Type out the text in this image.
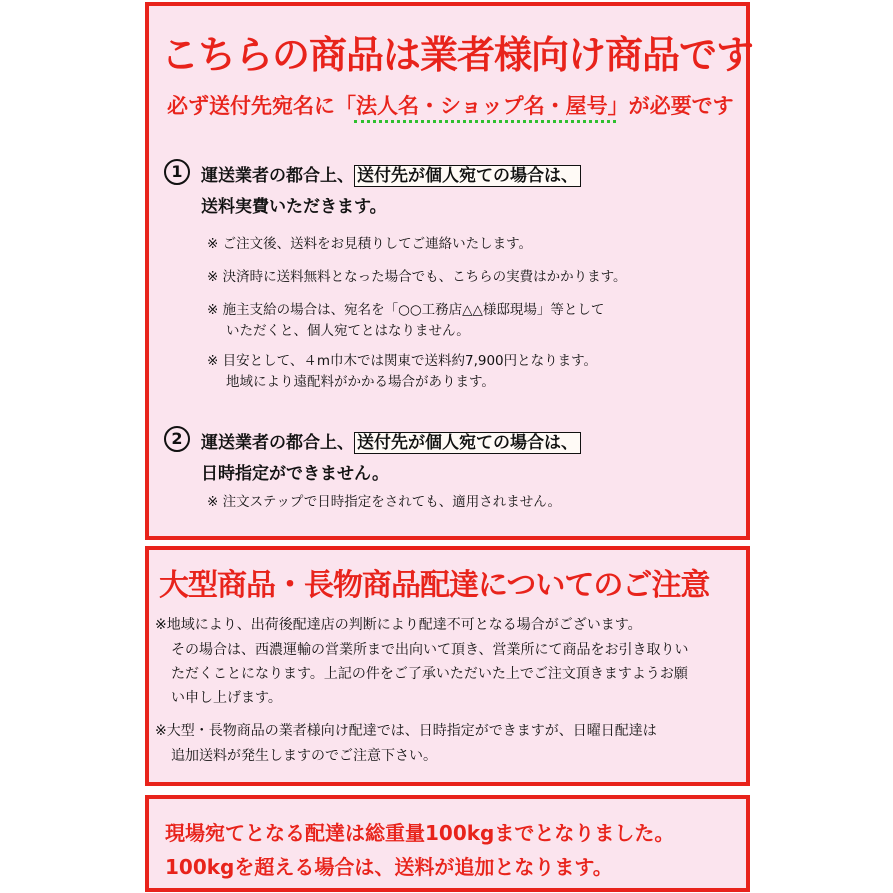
こちらの商品は業者様向け商品です
必ず送付先宛名に「法人名・ショップ名・屋号」が必要です
1	運送業者の都合上、 送付先が個人宛ての場合は、
送料実費いただきます。
※ ご注文後、送料をお見積りしてご連絡いたします。
※ 決済時に送料無料となった場合でも、こちらの実費はかかります。
※ 施主支給の場合は、宛名を「○○工務店△△様邸現場」等として
いただくと、個人宛てとはなりません。
※ 目安として、４m巾木では関東で送料約7,900円となります。
地域により遠配料がかかる場合があります。
2	運送業者の都合上、 送付先が個人宛ての場合は、
日時指定ができません。
※ 注文ステップで日時指定をされても、適用されません。
大型商品・長物商品配達についてのご注意
※地域により、出荷後配達店の判断により配達不可となる場合がございます。
その場合は、西濃運輸の営業所まで出向いて頂き、営業所にて商品をお引き取りい
ただくことになります。上記の件をご了承いただいた上でご注文頂きますようお願
い申し上げます。
※大型・長物商品の業者様向け配達では、日時指定ができますが、日曜日配達は
追加送料が発生しますのでご注意下さい。
現場宛てとなる配達は総重量100kgまでとなりました。
100kgを超える場合は、送料が追加となります。
